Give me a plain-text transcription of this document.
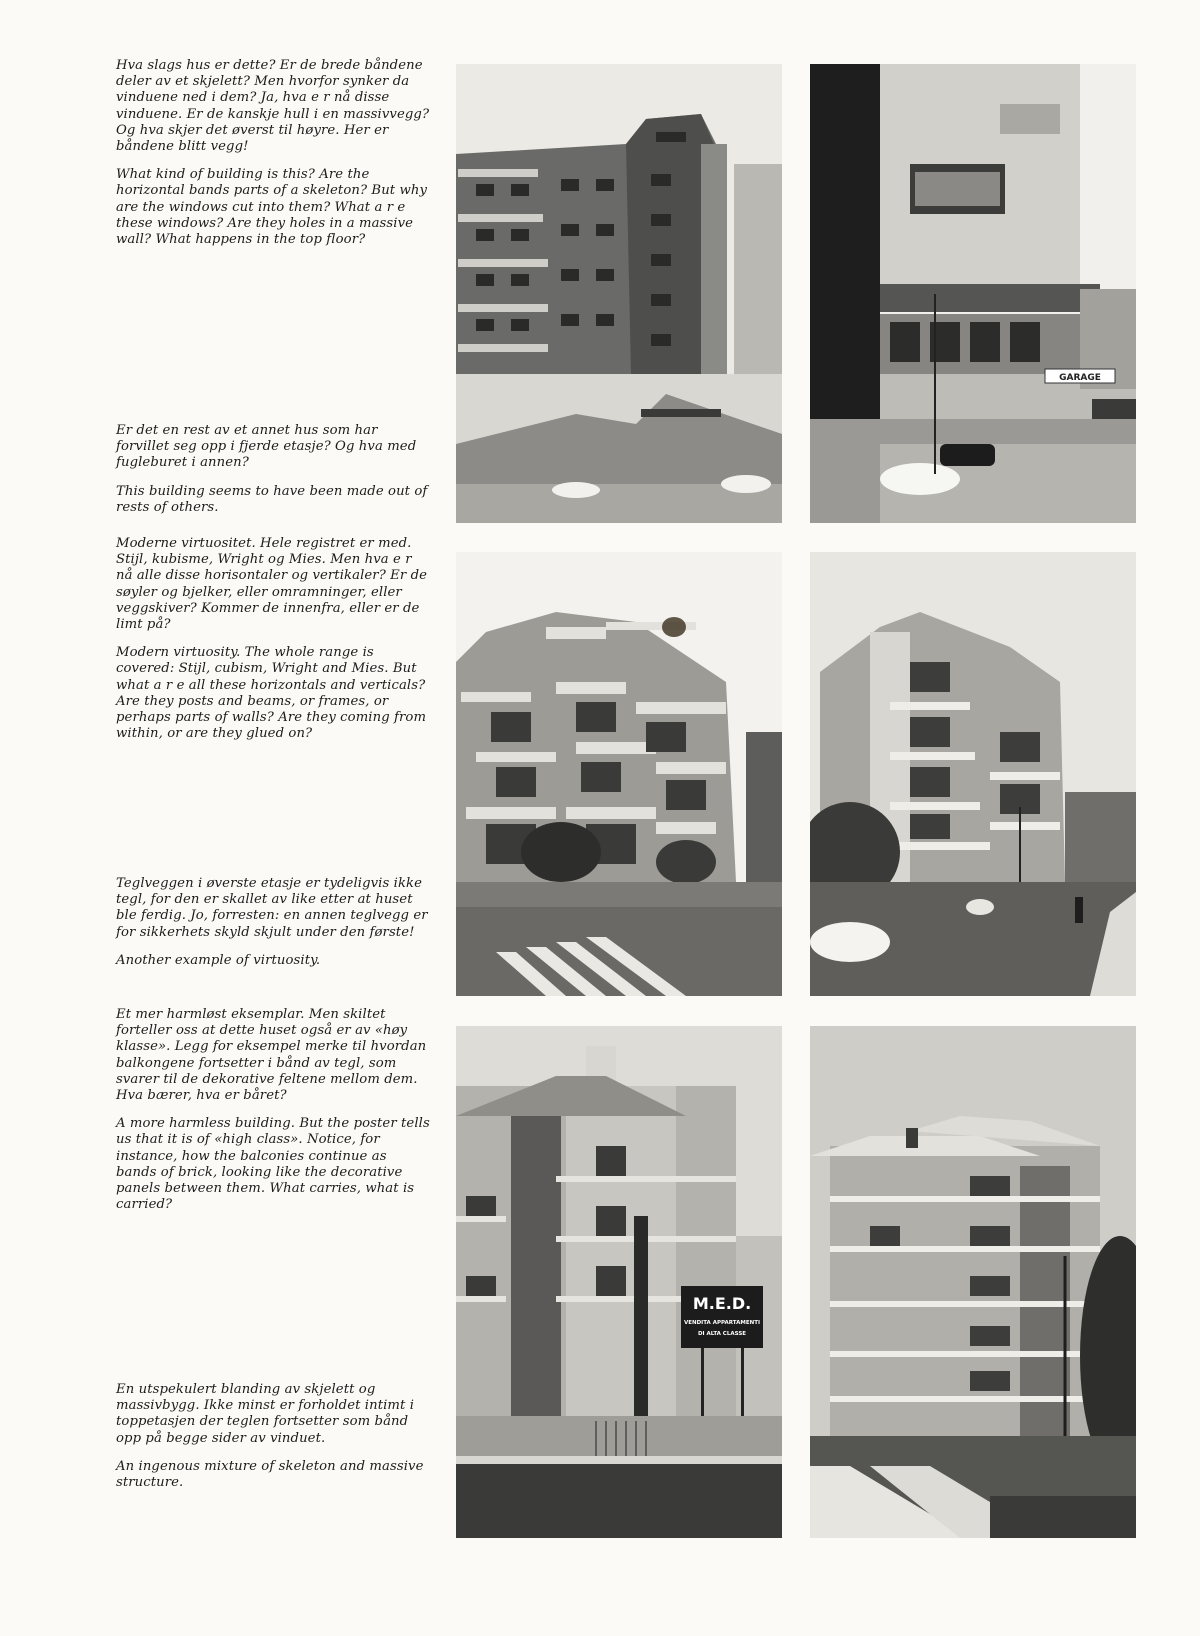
Hva slags hus er dette? Er de brede båndene deler av et skjelett? Men hvorfor synker da vinduene ned i dem? Ja, hva e r nå disse vinduene. Er de kanskje hull i en massivvegg? Og hva skjer det øverst til høyre. Her er båndene blitt vegg!

What kind of building is this? Are the horizontal bands parts of a skeleton? But why are the windows cut into them? What a r e these windows? Are they holes in a massive wall? What happens in the top floor?

Er det en rest av et annet hus som har forvillet seg opp i fjerde etasje? Og hva med fugleburet i annen?

This building seems to have been made out of rests of others.

Moderne virtuositet. Hele registret er med. Stijl, kubisme, Wright og Mies. Men hva e r nå alle disse horisontaler og vertikaler? Er de søyler og bjelker, eller omramninger, eller veggskiver? Kommer de innenfra, eller er de limt på?

Modern virtuosity. The whole range is covered: Stijl, cubism, Wright and Mies. But what a r e all these horizontals and verticals? Are they posts and beams, or frames, or perhaps parts of walls? Are they coming from within, or are they glued on?

Teglveggen i øverste etasje er tydeligvis ikke tegl, for den er skallet av like etter at huset ble ferdig. Jo, forresten: en annen teglvegg er for sikkerhets skyld skjult under den første!

Another example of virtuosity.

Et mer harmløst eksemplar. Men skiltet forteller oss at dette huset også er av «høy klasse». Legg for eksempel merke til hvordan balkongene fortsetter i bånd av tegl, som svarer til de dekorative feltene mellom dem. Hva bærer, hva er båret?

A more harmless building. But the poster tells us that it is of «high class». Notice, for instance, how the balconies continue as bands of brick, looking like the decorative panels between them. What carries, what is carried?

En utspekulert blanding av skjelett og massivbygg. Ikke minst er forholdet intimt i toppetasjen der teglen fortsetter som bånd opp på begge sider av vinduet.

An ingenous mixture of skeleton and massive structure.

GARAGE
M.E.D.
VENDITA APPARTAMENTI
DI ALTA CLASSE
